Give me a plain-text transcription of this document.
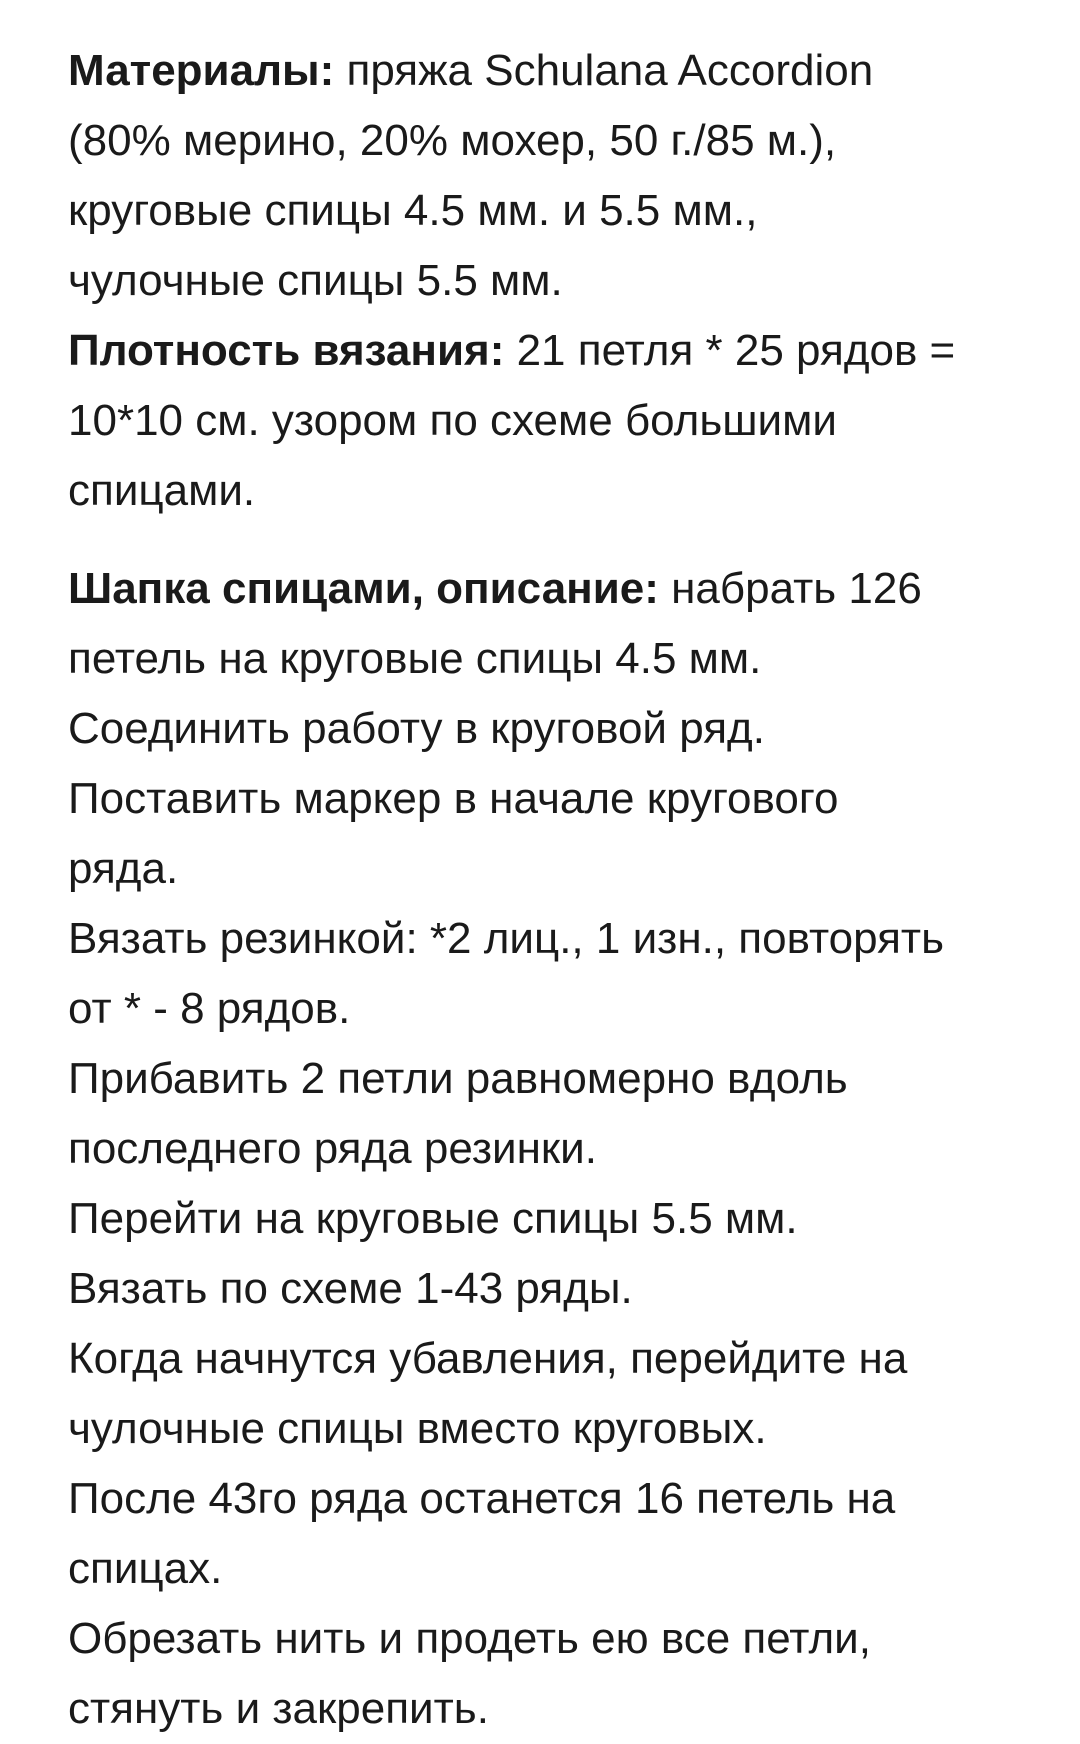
Материалы: пряжа Schulana Accordion
(80% мерино, 20% мохер, 50 г./85 м.),
круговые спицы 4.5 мм. и 5.5 мм.,
чулочные спицы 5.5 мм.
Плотность вязания: 21 петля * 25 рядов =
10*10 см. узором по схеме большими
спицами.
Шапка спицами, описание: набрать 126
петель на круговые спицы 4.5 мм.
Соединить работу в круговой ряд.
Поставить маркер в начале кругового
ряда.
Вязать резинкой: *2 лиц., 1 изн., повторять
от * - 8 рядов.
Прибавить 2 петли равномерно вдоль
последнего ряда резинки.
Перейти на круговые спицы 5.5 мм.
Вязать по схеме 1-43 ряды.
Когда начнутся убавления, перейдите на
чулочные спицы вместо круговых.
После 43го ряда останется 16 петель на
спицах.
Обрезать нить и продеть ею все петли,
стянуть и закрепить.
